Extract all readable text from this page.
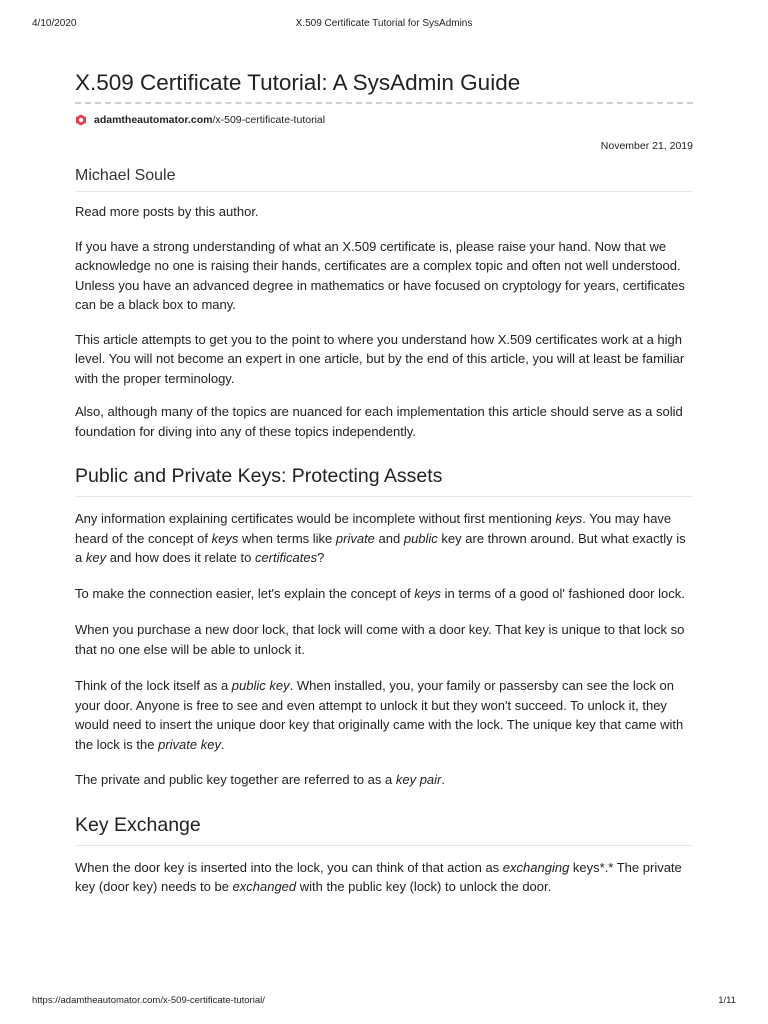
4/10/2020	X.509 Certificate Tutorial for SysAdmins
X.509 Certificate Tutorial: A SysAdmin Guide
adamtheautomator.com/x-509-certificate-tutorial
November 21, 2019
Michael Soule

Read more posts by this author.

If you have a strong understanding of what an X.509 certificate is, please raise your hand. Now that we acknowledge no one is raising their hands, certificates are a complex topic and often not well understood. Unless you have an advanced degree in mathematics or have focused on cryptology for years, certificates can be a black box to many.

This article attempts to get you to the point to where you understand how X.509 certificates work at a high level. You will not become an expert in one article, but by the end of this article, you will at least be familiar with the proper terminology.

Also, although many of the topics are nuanced for each implementation this article should serve as a solid foundation for diving into any of these topics independently.

Public and Private Keys: Protecting Assets

Any information explaining certificates would be incomplete without first mentioning keys. You may have heard of the concept of keys when terms like private and public key are thrown around. But what exactly is a key and how does it relate to certificates?

To make the connection easier, let's explain the concept of keys in terms of a good ol' fashioned door lock.

When you purchase a new door lock, that lock will come with a door key. That key is unique to that lock so that no one else will be able to unlock it.

Think of the lock itself as a public key. When installed, you, your family or passersby can see the lock on your door. Anyone is free to see and even attempt to unlock it but they won't succeed. To unlock it, they would need to insert the unique door key that originally came with the lock. The unique key that came with the lock is the private key.

The private and public key together are referred to as a key pair.

Key Exchange

When the door key is inserted into the lock, you can think of that action as exchanging keys*.* The private key (door key) needs to be exchanged with the public key (lock) to unlock the door.

https://adamtheautomator.com/x-509-certificate-tutorial/	1/11
